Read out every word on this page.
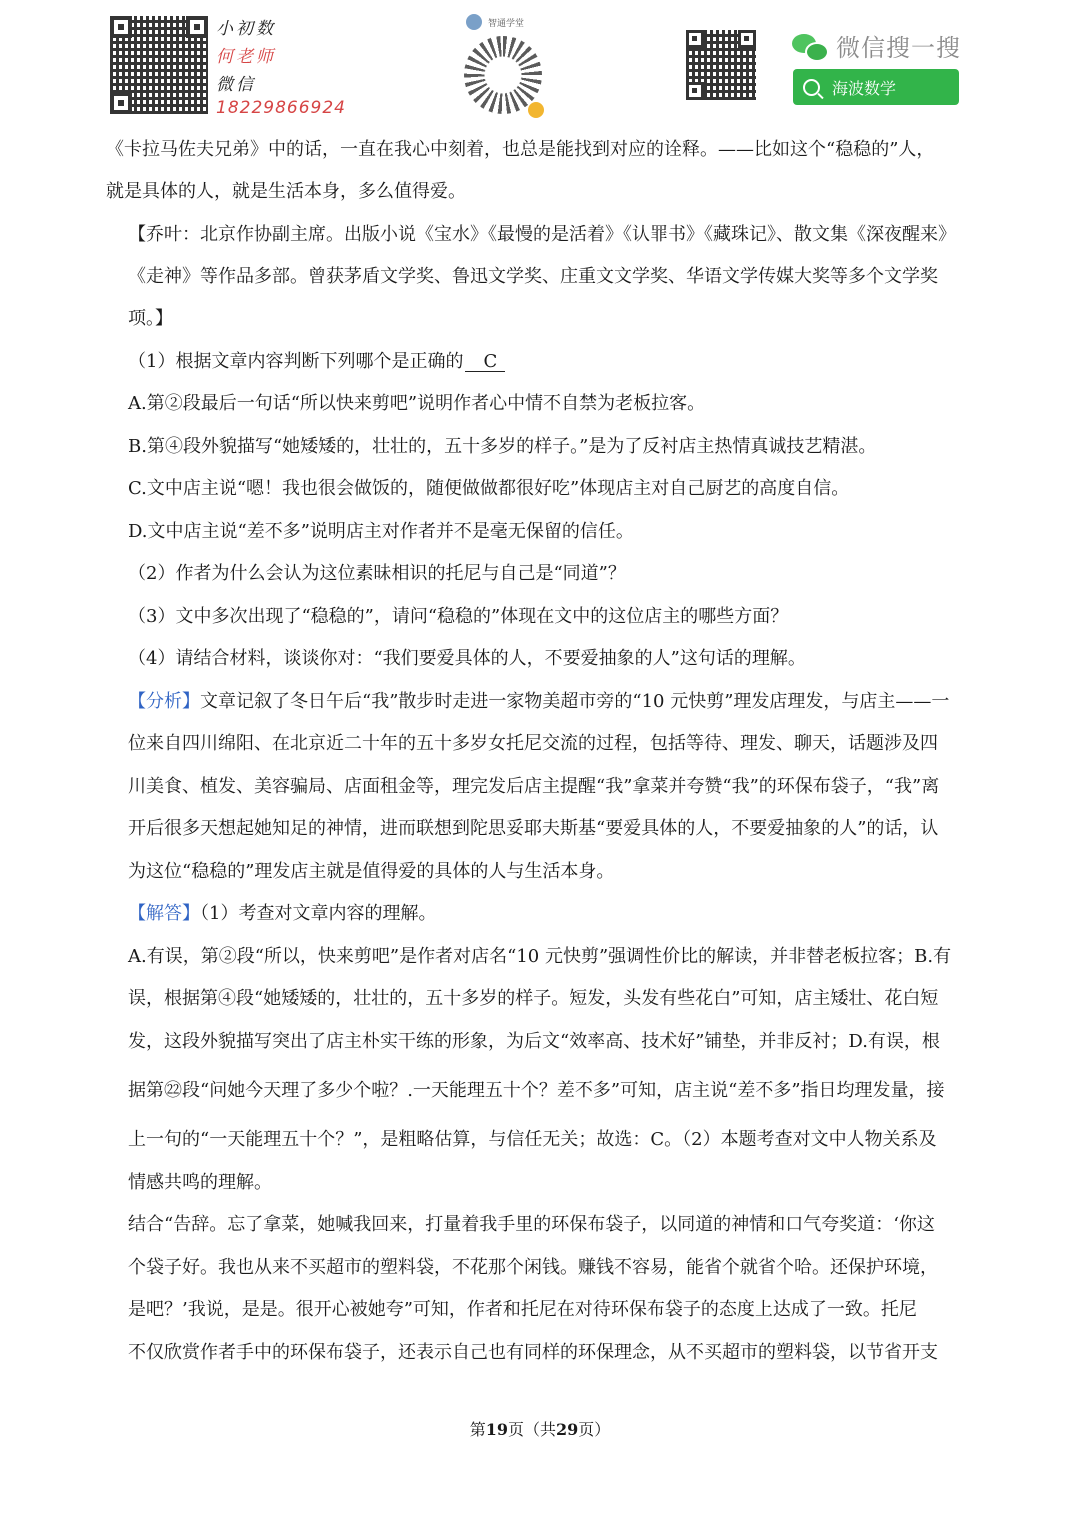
小初数
何老师
微信
18229866924
智通学堂
微信搜一搜
海波数学
《卡拉马佐夫兄弟》中的话，一直在我心中刻着，也总是能找到对应的诠释。——比如这个“稳稳的”人，
就是具体的人，就是生活本身，多么值得爱。
【乔叶：北京作协副主席。出版小说《宝水》《最慢的是活着》《认罪书》《藏珠记》、散文集《深夜醒来》
《走神》等作品多部。曾获茅盾文学奖、鲁迅文学奖、庄重文文学奖、华语文学传媒大奖等多个文学奖
项。】
（1）根据文章内容判断下列哪个是正确的 C
A.第②段最后一句话“所以快来剪吧”说明作者心中情不自禁为老板拉客。
B.第④段外貌描写“她矮矮的，壮壮的，五十多岁的样子。”是为了反衬店主热情真诚技艺精湛。
C.文中店主说“嗯！我也很会做饭的，随便做做都很好吃”体现店主对自己厨艺的高度自信。
D.文中店主说“差不多”说明店主对作者并不是毫无保留的信任。
（2）作者为什么会认为这位素昧相识的托尼与自己是“同道”？
（3）文中多次出现了“稳稳的”，请问“稳稳的”体现在文中的这位店主的哪些方面？
（4）请结合材料，谈谈你对：“我们要爱具体的人，不要爱抽象的人”这句话的理解。
【分析】文章记叙了冬日午后“我”散步时走进一家物美超市旁的“10 元快剪”理发店理发，与店主——一
位来自四川绵阳、在北京近二十年的五十多岁女托尼交流的过程，包括等待、理发、聊天，话题涉及四
川美食、植发、美容骗局、店面租金等，理完发后店主提醒“我”拿菜并夸赞“我”的环保布袋子，“我”离
开后很多天想起她知足的神情，进而联想到陀思妥耶夫斯基“要爱具体的人，不要爱抽象的人”的话，认
为这位“稳稳的”理发店主就是值得爱的具体的人与生活本身。
【解答】（1）考查对文章内容的理解。
A.有误，第②段“所以，快来剪吧”是作者对店名“10 元快剪”强调性价比的解读，并非替老板拉客；B.有
误，根据第④段“她矮矮的，壮壮的，五十多岁的样子。短发，头发有些花白”可知，店主矮壮、花白短
发，这段外貌描写突出了店主朴实干练的形象，为后文“效率高、技术好”铺垫，并非反衬；D.有误，根
据第㉒段“问她今天理了多少个啦？.一天能理五十个？差不多”可知，店主说“差不多”指日均理发量，接
上一句的“一天能理五十个？”，是粗略估算，与信任无关；故选：C。（2）本题考查对文中人物关系及
情感共鸣的理解。
结合“告辞。忘了拿菜，她喊我回来，打量着我手里的环保布袋子，以同道的神情和口气夸奖道：‘你这
个袋子好。我也从来不买超市的塑料袋，不花那个闲钱。赚钱不容易，能省个就省个哈。还保护环境，
是吧？’我说，是是。很开心被她夸”可知，作者和托尼在对待环保布袋子的态度上达成了一致。托尼
不仅欣赏作者手中的环保布袋子，还表示自己也有同样的环保理念，从不买超市的塑料袋，以节省开支
第19页（共29页）
